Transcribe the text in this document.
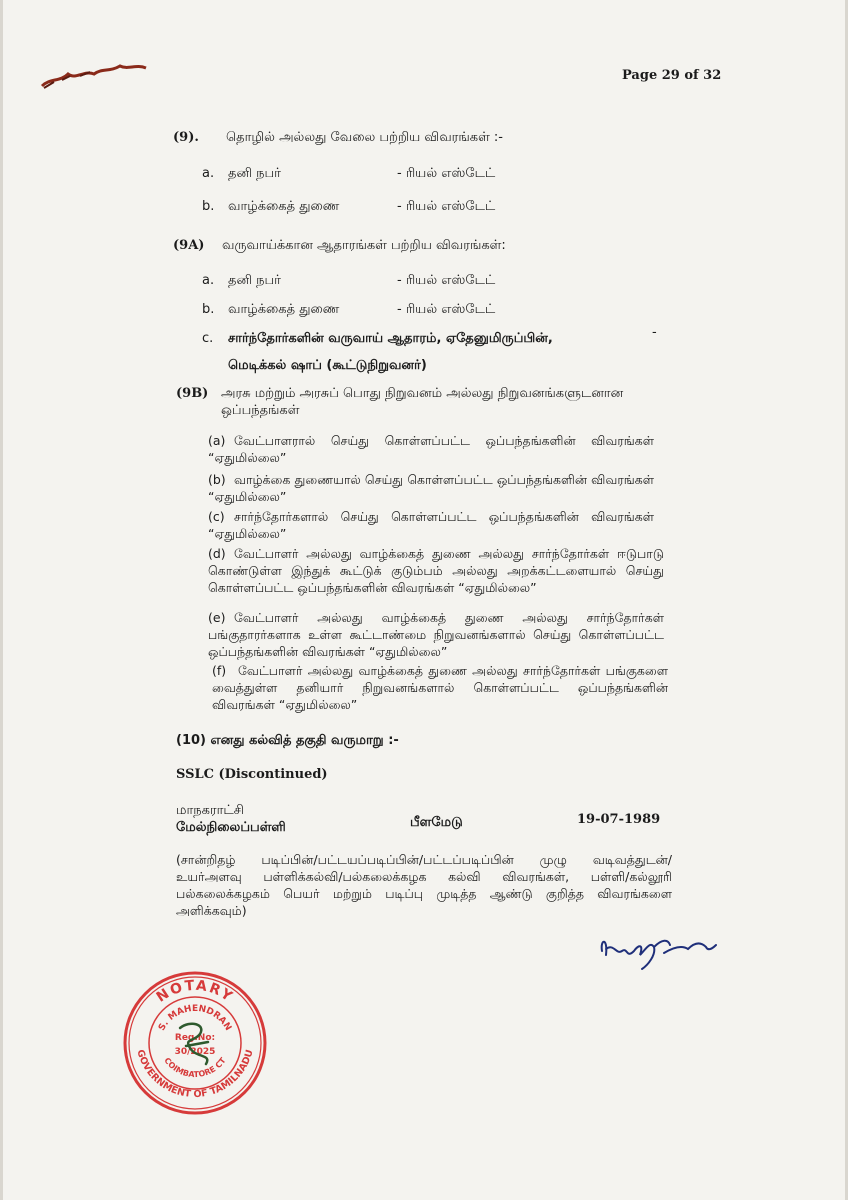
Page 29 of 32
(9). தொழில் அல்லது வேலை பற்றிய விவரங்கள் :-
a. தனி நபர்	- ரியல் எஸ்டேட்
b. வாழ்க்கைத் துணை	- ரியல் எஸ்டேட்
(9A) வருவாய்க்கான ஆதாரங்கள் பற்றிய விவரங்கள்:
a. தனி நபர்	- ரியல் எஸ்டேட்
b. வாழ்க்கைத் துணை	- ரியல் எஸ்டேட்
c. சார்ந்தோர்களின் வருவாய் ஆதாரம், ஏதேனுமிருப்பின்,	-
மெடிக்கல் ஷாப் (கூட்டுநிறுவனர்)
(9B) அரசு மற்றும் அரசுப் பொது நிறுவனம் அல்லது நிறுவனங்களுடனான
ஒப்பந்தங்கள்
(a) வேட்பாளரால் செய்து கொள்ளப்பட்ட ஒப்பந்தங்களின் விவரங்கள் “ஏதுமில்லை”
(b) வாழ்க்கை துணையால் செய்து கொள்ளப்பட்ட ஒப்பந்தங்களின் விவரங்கள் “ஏதுமில்லை”
(c) சார்ந்தோர்களால் செய்து கொள்ளப்பட்ட ஒப்பந்தங்களின் விவரங்கள் “ஏதுமில்லை”
(d) வேட்பாளர் அல்லது வாழ்க்கைத் துணை அல்லது சார்ந்தோர்கள் ஈடுபாடு கொண்டுள்ள இந்துக் கூட்டுக் குடும்பம் அல்லது அறக்கட்டளையால் செய்து கொள்ளப்பட்ட ஒப்பந்தங்களின் விவரங்கள் “ஏதுமில்லை”
(e) வேட்பாளர் அல்லது வாழ்க்கைத் துணை அல்லது சார்ந்தோர்கள் பங்குதாரர்களாக உள்ள கூட்டாண்மை நிறுவனங்களால் செய்து கொள்ளப்பட்ட ஒப்பந்தங்களின் விவரங்கள் “ஏதுமில்லை”
(f) வேட்பாளர் அல்லது வாழ்க்கைத் துணை அல்லது சார்ந்தோர்கள் பங்குகளை வைத்துள்ள தனியார் நிறுவனங்களால் கொள்ளப்பட்ட ஒப்பந்தங்களின் விவரங்கள் “ஏதுமில்லை”
(10) எனது கல்வித் தகுதி வருமாறு :-
SSLC (Discontinued)
மாநகராட்சி
மேல்நிலைப்பள்ளி	பீளமேடு	19-07-1989
(சான்றிதழ் படிப்பின்/பட்டயப்படிப்பின்/பட்டப்படிப்பின் முழு வடிவத்துடன்/ உயர்அளவு பள்ளிக்கல்வி/பல்கலைக்கழக கல்வி விவரங்கள், பள்ளி/கல்லூரி பல்கலைக்கழகம் பெயர் மற்றும் படிப்பு முடித்த ஆண்டு குறித்த விவரங்களை அளிக்கவும்)
NOTARY
S. MAHENDRAN
GOVERNMENT OF TAMILNADU
COIMBATORE CT
Reg.No:
30/2025
